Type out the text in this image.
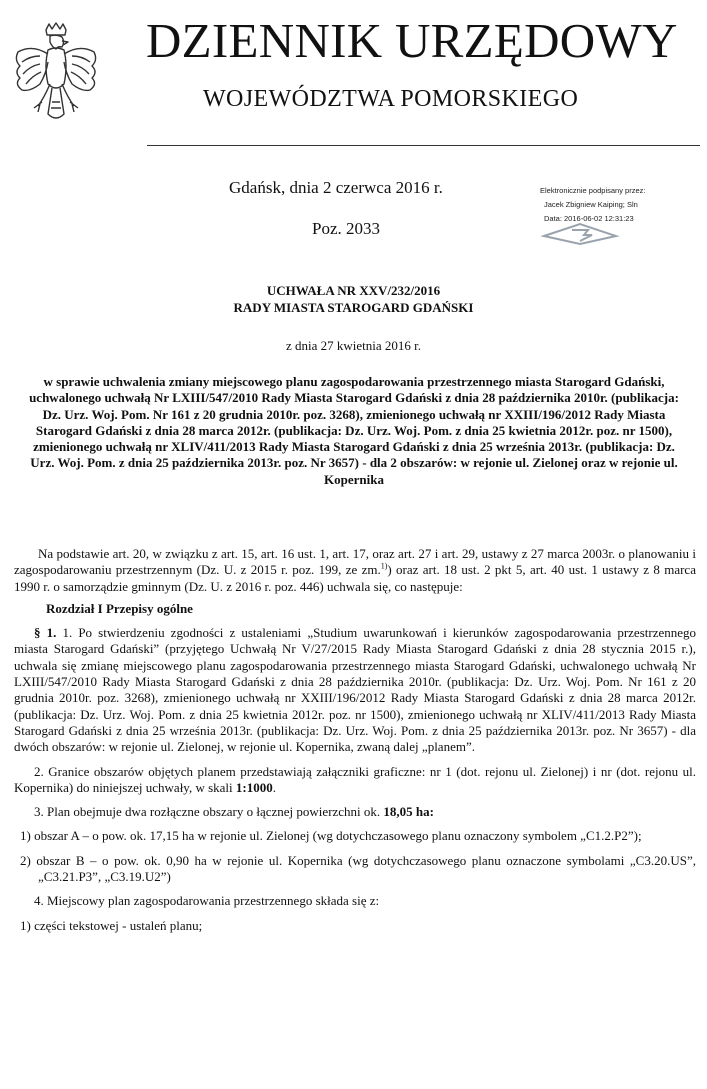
DZIENNIK URZĘDOWY
WOJEWÓDZTWA POMORSKIEGO
Gdańsk, dnia 2 czerwca 2016 r.
Poz. 2033
Elektronicznie podpisany przez:
Jacek Zbigniew Kaiping; Sln
Data: 2016-06-02 12:31:23
UCHWAŁA NR XXV/232/2016
RADY MIASTA STAROGARD GDAŃSKI
z dnia 27 kwietnia 2016 r.
w sprawie uchwalenia zmiany miejscowego planu zagospodarowania przestrzennego miasta Starogard Gdański, uchwalonego uchwałą Nr LXIII/547/2010 Rady Miasta Starogard Gdański z dnia 28 października 2010r. (publikacja: Dz. Urz. Woj. Pom. Nr 161 z 20 grudnia 2010r. poz. 3268), zmienionego uchwałą nr XXIII/196/2012 Rady Miasta Starogard Gdański z dnia 28 marca 2012r. (publikacja: Dz. Urz. Woj. Pom. z dnia 25 kwietnia 2012r. poz. nr 1500), zmienionego uchwałą nr XLIV/411/2013 Rady Miasta Starogard Gdański z dnia 25 września 2013r. (publikacja: Dz. Urz. Woj. Pom. z dnia 25 października 2013r. poz. Nr 3657) - dla 2 obszarów: w rejonie ul. Zielonej oraz w rejonie ul. Kopernika

Na podstawie art. 20, w związku z art. 15, art. 16 ust. 1, art. 17, oraz art. 27 i art. 29, ustawy z 27 marca 2003r. o planowaniu i zagospodarowaniu przestrzennym (Dz. U. z 2015 r. poz. 199, ze zm.$^{1)}$) oraz art. 18 ust. 2 pkt 5, art. 40 ust. 1 ustawy z 8 marca 1990 r. o samorządzie gminnym (Dz. U. z 2016 r. poz. 446) uchwala się, co następuje:

Rozdział I Przepisy ogólne

§ 1. 1. Po stwierdzeniu zgodności z ustaleniami „Studium uwarunkowań i kierunków zagospodarowania przestrzennego miasta Starogard Gdański” (przyjętego Uchwałą Nr V/27/2015 Rady Miasta Starogard Gdański z dnia 28 stycznia 2015 r.), uchwala się zmianę miejscowego planu zagospodarowania przestrzennego miasta Starogard Gdański, uchwalonego uchwałą Nr LXIII/547/2010 Rady Miasta Starogard Gdański z dnia 28 października 2010r. (publikacja: Dz. Urz. Woj. Pom. Nr 161 z 20 grudnia 2010r. poz. 3268), zmienionego uchwałą nr XXIII/196/2012 Rady Miasta Starogard Gdański z dnia 28 marca 2012r. (publikacja: Dz. Urz. Woj. Pom. z dnia 25 kwietnia 2012r. poz. nr 1500), zmienionego uchwałą nr XLIV/411/2013 Rady Miasta Starogard Gdański z dnia 25 września 2013r. (publikacja: Dz. Urz. Woj. Pom. z dnia 25 października 2013r. poz. Nr 3657) - dla dwóch obszarów: w rejonie ul. Zielonej, w rejonie ul. Kopernika, zwaną dalej „planem”.

2. Granice obszarów objętych planem przedstawiają załączniki graficzne: nr 1 (dot. rejonu ul. Zielonej) i nr (dot. rejonu ul. Kopernika) do niniejszej uchwały, w skali 1:1000.

3. Plan obejmuje dwa rozłączne obszary o łącznej powierzchni ok. 18,05 ha:

1) obszar A – o pow. ok. 17,15 ha w rejonie ul. Zielonej (wg dotychczasowego planu oznaczony symbolem „C1.2.P2”);

2) obszar B – o pow. ok. 0,90 ha w rejonie ul. Kopernika (wg dotychczasowego planu oznaczone symbolami „C3.20.US”, „C3.21.P3”, „C3.19.U2”)

4. Miejscowy plan zagospodarowania przestrzennego składa się z:

1) części tekstowej - ustaleń planu;
